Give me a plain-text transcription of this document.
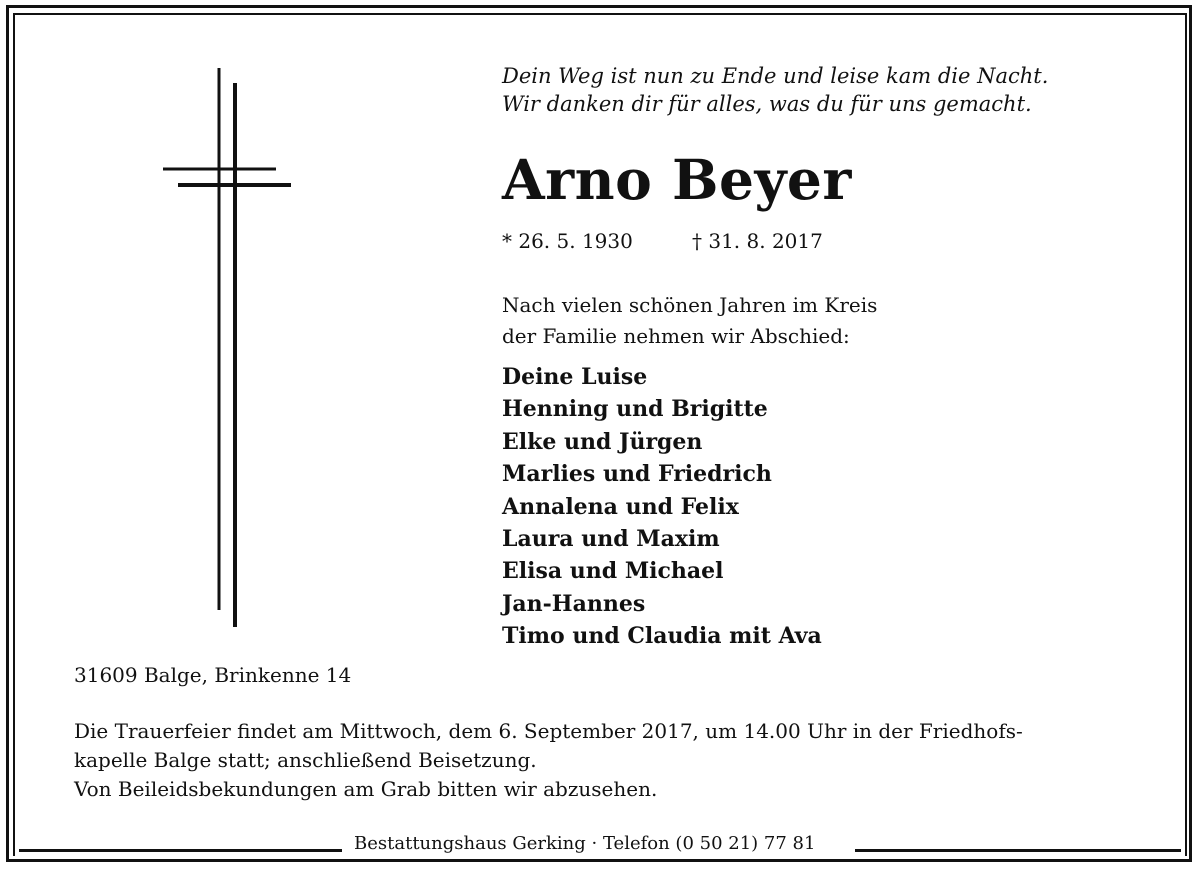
Dein Weg ist nun zu Ende und leise kam die Nacht.
Wir danken dir für alles, was du für uns gemacht.
Arno Beyer
* 26. 5. 1930	† 31. 8. 2017
Nach vielen schönen Jahren im Kreis
der Familie nehmen wir Abschied:
Deine Luise
Henning und Brigitte
Elke und Jürgen
Marlies und Friedrich
Annalena und Felix
Laura und Maxim
Elisa und Michael
Jan-Hannes
Timo und Claudia mit Ava
31609 Balge, Brinkenne 14
Die Trauerfeier findet am Mittwoch, dem 6. September 2017, um 14.00 Uhr in der Friedhofs-
kapelle Balge statt; anschließend Beisetzung.
Von Beileidsbekundungen am Grab bitten wir abzusehen.
Bestattungshaus Gerking · Telefon (0 50 21) 77 81
